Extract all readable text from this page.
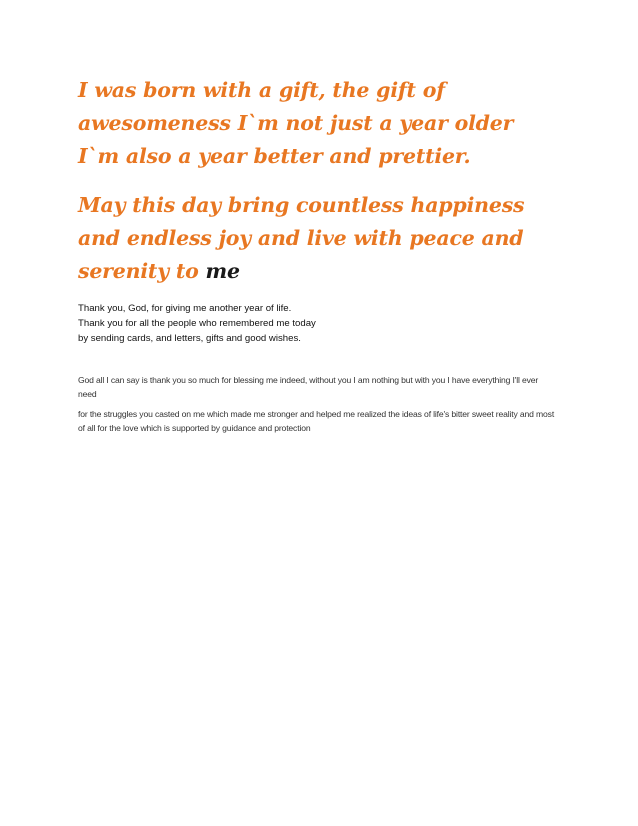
I was born with a gift, the gift of awesomeness I`m not just a year older I`m also a year better and prettier.

May this day bring countless happiness and endless joy and live with peace and serenity to me

Thank you, God, for giving me another year of life.
Thank you for all the people who remembered me today
by sending cards, and letters, gifts and good wishes.

God all I can say is thank you so much for blessing me indeed, without you I am nothing but with you I have everything I'll ever need

for the struggles you casted on me which made me stronger and helped me realized the ideas of life's bitter sweet reality and most of all for the love which is supported by guidance and protection
